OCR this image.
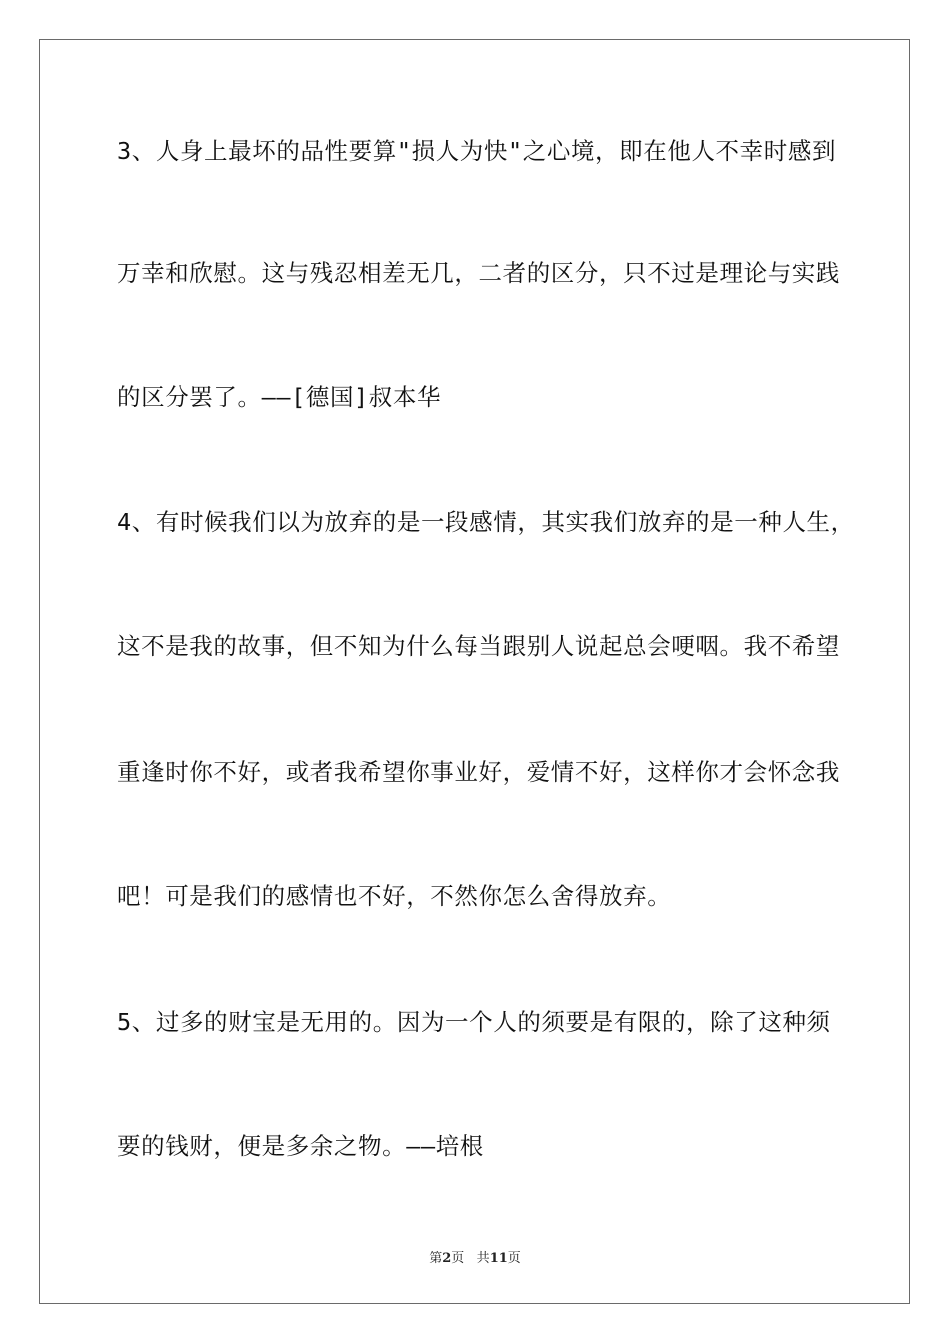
3、人身上最坏的品性要算"损人为快"之心境，即在他人不幸时感到

万幸和欣慰。这与残忍相差无几，二者的区分，只不过是理论与实践

的区分罢了。——[德国]叔本华

4、有时候我们以为放弃的是一段感情，其实我们放弃的是一种人生，

这不是我的故事，但不知为什么每当跟别人说起总会哽咽。我不希望

重逢时你不好，或者我希望你事业好，爱情不好，这样你才会怀念我

吧！可是我们的感情也不好，不然你怎么舍得放弃。

5、过多的财宝是无用的。因为一个人的须要是有限的，除了这种须

要的钱财，便是多余之物。——培根

第2页 共11页
